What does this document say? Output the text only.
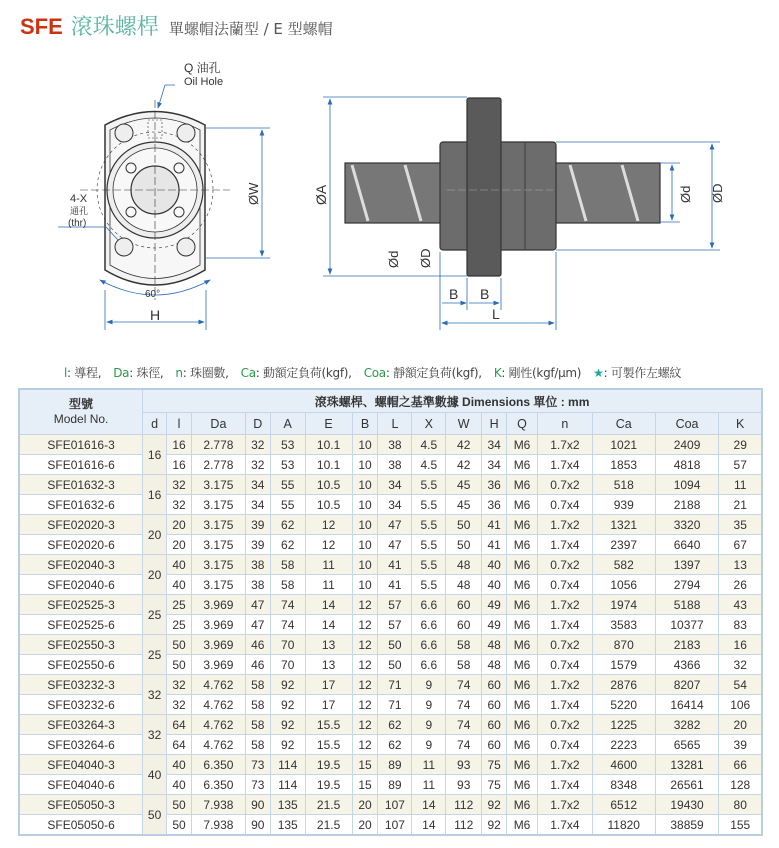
SFE 滾珠螺桿 單螺帽法蘭型 / E 型螺帽
Q 油孔
Oil Hole
4-X
通孔
(thr)
ØW
60°
H
ØA
Ød ØD
B B
L
Ød ØD
l: 導程, Da: 珠徑, n: 珠圈數, Ca: 動額定負荷(kgf), Coa: 靜額定負荷(kgf), K: 剛性(kgf/μm) ★: 可製作左螺紋
型號
Model No.	滾珠螺桿、螺帽之基準數據 Dimensions 單位 : mm															
	d	l	Da	D	A	E	B	L	X	W	H	Q	n	Ca	Coa	K
SFE01616-3	16	16	2.778	32	53	10.1	10	38	4.5	42	34	M6	1.7x2	1021	2409	29
SFE01616-6		16	2.778	32	53	10.1	10	38	4.5	42	34	M6	1.7x4	1853	4818	57
SFE01632-3	16	32	3.175	34	55	10.5	10	34	5.5	45	36	M6	0.7x2	518	1094	11
SFE01632-6		32	3.175	34	55	10.5	10	34	5.5	45	36	M6	0.7x4	939	2188	21
SFE02020-3	20	20	3.175	39	62	12	10	47	5.5	50	41	M6	1.7x2	1321	3320	35
SFE02020-6		20	3.175	39	62	12	10	47	5.5	50	41	M6	1.7x4	2397	6640	67
SFE02040-3	20	40	3.175	38	58	11	10	41	5.5	48	40	M6	0.7x2	582	1397	13
SFE02040-6		40	3.175	38	58	11	10	41	5.5	48	40	M6	0.7x4	1056	2794	26
SFE02525-3	25	25	3.969	47	74	14	12	57	6.6	60	49	M6	1.7x2	1974	5188	43
SFE02525-6		25	3.969	47	74	14	12	57	6.6	60	49	M6	1.7x4	3583	10377	83
SFE02550-3	25	50	3.969	46	70	13	12	50	6.6	58	48	M6	0.7x2	870	2183	16
SFE02550-6		50	3.969	46	70	13	12	50	6.6	58	48	M6	0.7x4	1579	4366	32
SFE03232-3	32	32	4.762	58	92	17	12	71	9	74	60	M6	1.7x2	2876	8207	54
SFE03232-6		32	4.762	58	92	17	12	71	9	74	60	M6	1.7x4	5220	16414	106
SFE03264-3	32	64	4.762	58	92	15.5	12	62	9	74	60	M6	0.7x2	1225	3282	20
SFE03264-6		64	4.762	58	92	15.5	12	62	9	74	60	M6	0.7x4	2223	6565	39
SFE04040-3	40	40	6.350	73	114	19.5	15	89	11	93	75	M6	1.7x2	4600	13281	66
SFE04040-6		40	6.350	73	114	19.5	15	89	11	93	75	M6	1.7x4	8348	26561	128
SFE05050-3	50	50	7.938	90	135	21.5	20	107	14	112	92	M6	1.7x2	6512	19430	80
SFE05050-6		50	7.938	90	135	21.5	20	107	14	112	92	M6	1.7x4	11820	38859	155
